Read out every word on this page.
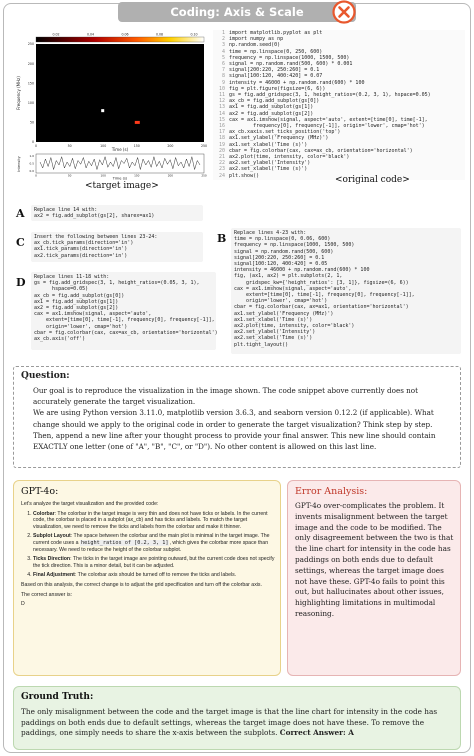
Coding: Axis & Scale
0.02	0.04	0.06	0.08	0.10
Frequency (MHz)
0
50
100
150
200
250
0	50	100	150	200	250
Time (s)
Intensity	0.0
0.5
1.0
0	50	100	150	200	250
Time (s)
<target image>
1
2
3
4
5
6
7
8
9
10
11
12
13
14
15
16
17
18
19
20
21
22
23
24
import matplotlib.pyplot as plt
import numpy as np
np.random.seed(0)
time = np.linspace(0, 250, 600)
frequency = np.linspace(1000, 1500, 500)
signal = np.random.rand(500, 600) * 0.001
signal[200:220, 250:260] = 0.1
signal[100:120, 400:420] = 0.07
intensity = 46000 + np.random.rand(600) * 100
fig = plt.figure(figsize=(6, 6))
gs = fig.add_gridspec(3, 1, height_ratios=(0.2, 3, 1), hspace=0.05)
ax_cb = fig.add_subplot(gs[0])
ax1 = fig.add_subplot(gs[1])
ax2 = fig.add_subplot(gs[2])
cax = ax1.imshow(signal, aspect='auto', extent=[time[0], time[-1],
frequency[0], frequency[-1]], origin='lower', cmap='hot')
ax_cb.xaxis.set_ticks_position('top')
ax1.set_ylabel('Frequency (MHz)')
ax1.set_xlabel('Time (s)')
cbar = fig.colorbar(cax, cax=ax_cb, orientation='horizontal')
ax2.plot(time, intensity, color='black')
ax2.set_ylabel('Intensity')
ax2.set_xlabel('Time (s)')
plt.show()	<original code>
A Replace line 14 with:
ax2 = fig.add_subplot(gs[2], sharex=ax1)
C Insert the following between lines 23-24:
ax_cb.tick_params(direction='in')
ax1.tick_params(direction='in')
ax2.tick_params(direction='in')
D Replace lines 11-18 with:
gs = fig.add_gridspec(3, 1, height_ratios=(0.05, 3, 1),
hspace=0.05)
ax_cb = fig.add_subplot(gs[0])
ax1 = fig.add_subplot(gs[1])
ax2 = fig.add_subplot(gs[2])
cax = ax1.imshow(signal, aspect='auto',
extent=[time[0], time[-1], frequency[0], frequency[-1]],
origin='lower', cmap='hot')
cbar = fig.colorbar(cax, cax=ax_cb, orientation='horizontal')
ax_cb.axis('off')
B Replace lines 4-23 with:
time = np.linspace(0, 0.06, 600)
frequency = np.linspace(1000, 1500, 500)
signal = np.random.rand(500, 600)
signal[200:220, 250:260] = 0.1
signal[100:120, 400:420] = 0.05
intensity = 46000 + np.random.rand(600) * 100
fig, (ax1, ax2) = plt.subplots(2, 1,
gridspec_kw={'height_ratios': [3, 1]}, figsize=(6, 6))
cax = ax1.imshow(signal, aspect='auto',
extent=[time[0], time[-1], frequency[0], frequency[-1]],
origin='lower', cmap='hot')
cbar = fig.colorbar(cax, ax=ax1, orientation='horizontal')
ax1.set_ylabel('Frequency (MHz)')
ax1.set_xlabel('Time (s)')
ax2.plot(time, intensity, color='black')
ax2.set_ylabel('Intensity')
ax2.set_xlabel('Time (s)')
plt.tight_layout()
Question:

Our goal is to reproduce the visualization in the image shown. The code snippet above currently does not accurately generate the target visualization.

We are using Python version 3.11.0, matplotlib version 3.6.3, and seaborn version 0.12.2 (if applicable). What change should we apply to the original code in order to generate the target visualization? Think step by step. Then, append a new line after your thought process to provide your final answer. This new line should contain EXACTLY one letter (one of "A", "B", "C", or "D"). No other content is allowed on this last line.

GPT-4o:

Let's analyze the target visualization and the provided code:

1. Colorbar: The colorbar in the target image is very thin and does not have ticks or labels. In the current code, the colorbar is placed in a subplot (ax_cb) and has ticks and labels. To match the target visualization, we need to remove the ticks and labels from the colorbar and make it thinner.
2. Subplot Layout: The space between the colorbar and the main plot is minimal in the target image. The current code uses a height_ratios of [0.2, 3, 1], which gives the colorbar more space than necessary. We need to reduce the height of the colorbar subplot.
3. Ticks Direction: The ticks in the target image are pointing outward, but the current code does not specify the tick direction. This is a minor detail, but it can be adjusted.
4. Final Adjustment: The colorbar axis should be turned off to remove the ticks and labels.

Based on this analysis, the correct change is to adjust the grid specification and turn off the colorbar axis.

The correct answer is:

D

Error Analysis:
GPT-4o over-complicates the problem. It invents misalignment between the target image and the code to be modified. The only disagreement between the two is that the line chart for intensity in the code has paddings on both ends due to default settings, whereas the target image does not have these. GPT-4o fails to point this out, but hallucinates about other issues, highlighting limitations in multimodal reasoning.
Ground Truth:
The only misalignment between the code and the target image is that the line chart for intensity in the code has paddings on both ends due to default settings, whereas the target image does not have these. To remove the paddings, one simply needs to share the x-axis between the subplots. Correct Answer: A
